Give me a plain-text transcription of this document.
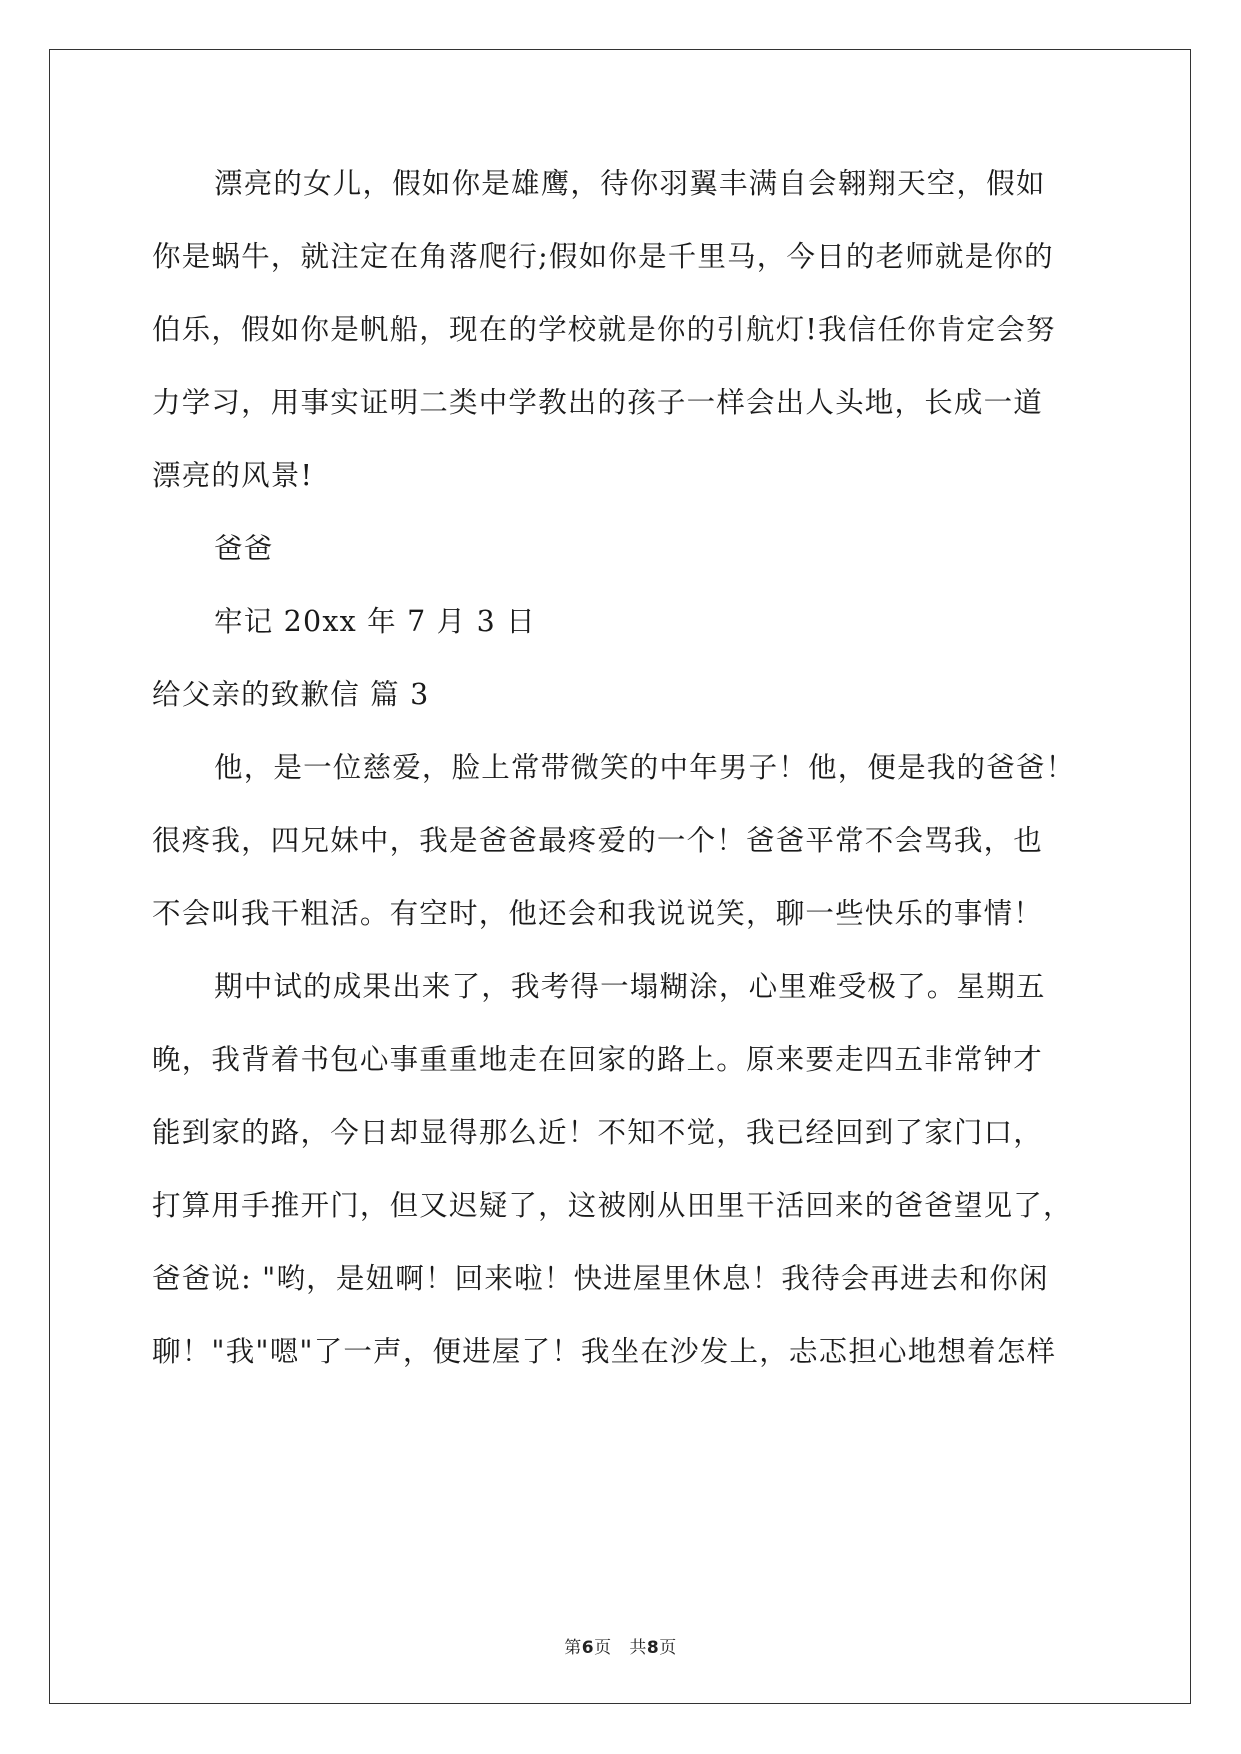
漂亮的女儿，假如你是雄鹰，待你羽翼丰满自会翱翔天空，假如
你是蜗牛，就注定在角落爬行;假如你是千里马，今日的老师就是你的
伯乐，假如你是帆船，现在的学校就是你的引航灯!我信任你肯定会努
力学习，用事实证明二类中学教出的孩子一样会出人头地，长成一道
漂亮的风景!
爸爸
牢记 20xx 年 7 月 3 日
给父亲的致歉信 篇 3
他，是一位慈爱，脸上常带微笑的中年男子！他，便是我的爸爸！
很疼我，四兄妹中，我是爸爸最疼爱的一个！爸爸平常不会骂我，也
不会叫我干粗活。有空时，他还会和我说说笑，聊一些快乐的事情！
期中试的成果出来了，我考得一塌糊涂，心里难受极了。星期五
晚，我背着书包心事重重地走在回家的路上。原来要走四五非常钟才
能到家的路，今日却显得那么近！不知不觉，我已经回到了家门口，
打算用手推开门，但又迟疑了，这被刚从田里干活回来的爸爸望见了，
爸爸说: "哟，是妞啊！回来啦！快进屋里休息！我待会再进去和你闲
聊！"我"嗯"了一声，便进屋了！我坐在沙发上，忐忑担心地想着怎样
第6页 共8页
